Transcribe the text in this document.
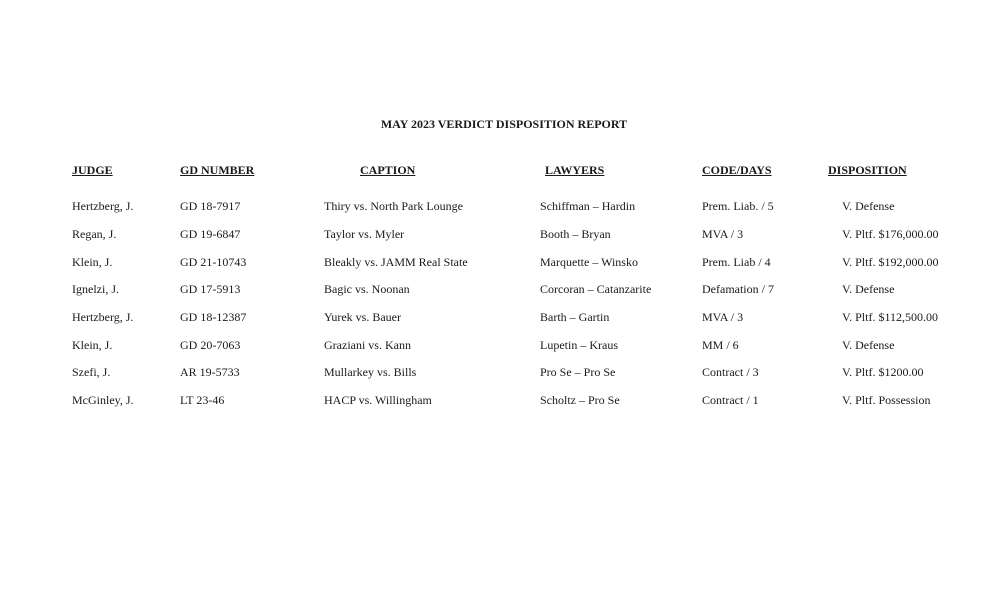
MAY 2023 VERDICT DISPOSITION REPORT
JUDGE	GD NUMBER	CAPTION	LAWYERS	CODE/DAYS	DISPOSITION
Hertzberg, J.	GD 18-7917	Thiry vs. North Park Lounge	Schiffman – Hardin	Prem. Liab. / 5	V. Defense
Regan, J.	GD 19-6847	Taylor vs. Myler	Booth – Bryan	MVA / 3	V. Pltf. $176,000.00
Klein, J.	GD 21-10743	Bleakly vs. JAMM Real State	Marquette – Winsko	Prem. Liab / 4	V. Pltf. $192,000.00
Ignelzi, J.	GD 17-5913	Bagic vs. Noonan	Corcoran – Catanzarite	Defamation / 7	V. Defense
Hertzberg, J.	GD 18-12387	Yurek vs. Bauer	Barth – Gartin	MVA / 3	V. Pltf. $112,500.00
Klein, J.	GD 20-7063	Graziani vs. Kann	Lupetin – Kraus	MM / 6	V. Defense
Szefi, J.	AR 19-5733	Mullarkey vs. Bills	Pro Se – Pro Se	Contract / 3	V. Pltf. $1200.00
McGinley, J.	LT 23-46	HACP vs. Willingham	Scholtz – Pro Se	Contract / 1	V. Pltf. Possession
